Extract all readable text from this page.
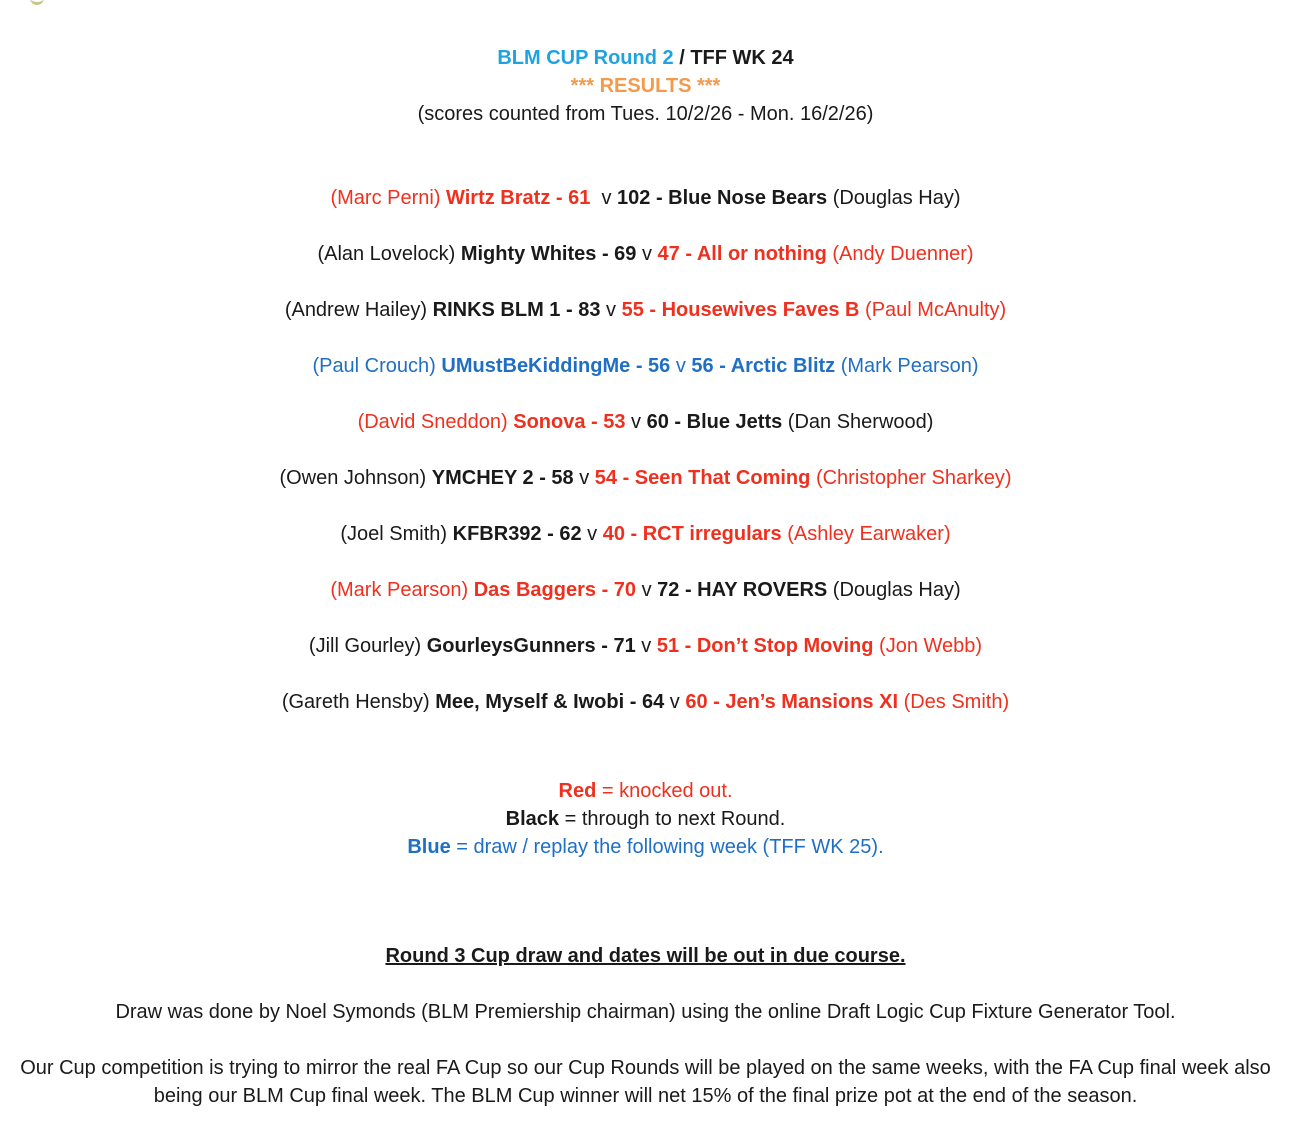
BLM CUP Round 2 / TFF WK 24
*** RESULTS ***
(scores counted from Tues. 10/2/26 - Mon. 16/2/26)
(Marc Perni) Wirtz Bratz - 61  v 102 - Blue Nose Bears (Douglas Hay)
(Alan Lovelock) Mighty Whites - 69 v 47 - All or nothing (Andy Duenner)
(Andrew Hailey) RINKS BLM 1 - 83 v 55 - Housewives Faves B (Paul McAnulty)
(Paul Crouch) UMustBeKiddingMe - 56 v 56 - Arctic Blitz (Mark Pearson)
(David Sneddon) Sonova - 53 v 60 - Blue Jetts (Dan Sherwood)
(Owen Johnson) YMCHEY 2 - 58 v 54 - Seen That Coming (Christopher Sharkey)
(Joel Smith) KFBR392 - 62 v 40 - RCT irregulars (Ashley Earwaker)
(Mark Pearson) Das Baggers - 70 v 72 - HAY ROVERS (Douglas Hay)
(Jill Gourley) GourleysGunners - 71 v 51 - Don’t Stop Moving (Jon Webb)
(Gareth Hensby) Mee, Myself & Iwobi - 64 v 60 - Jen’s Mansions XI (Des Smith)
Red = knocked out.
Black = through to next Round.
Blue = draw / replay the following week (TFF WK 25).
Round 3 Cup draw and dates will be out in due course.
Draw was done by Noel Symonds (BLM Premiership chairman) using the online Draft Logic Cup Fixture Generator Tool.
Our Cup competition is trying to mirror the real FA Cup so our Cup Rounds will be played on the same weeks, with the FA Cup final week also being our BLM Cup final week. The BLM Cup winner will net 15% of the final prize pot at the end of the season.
